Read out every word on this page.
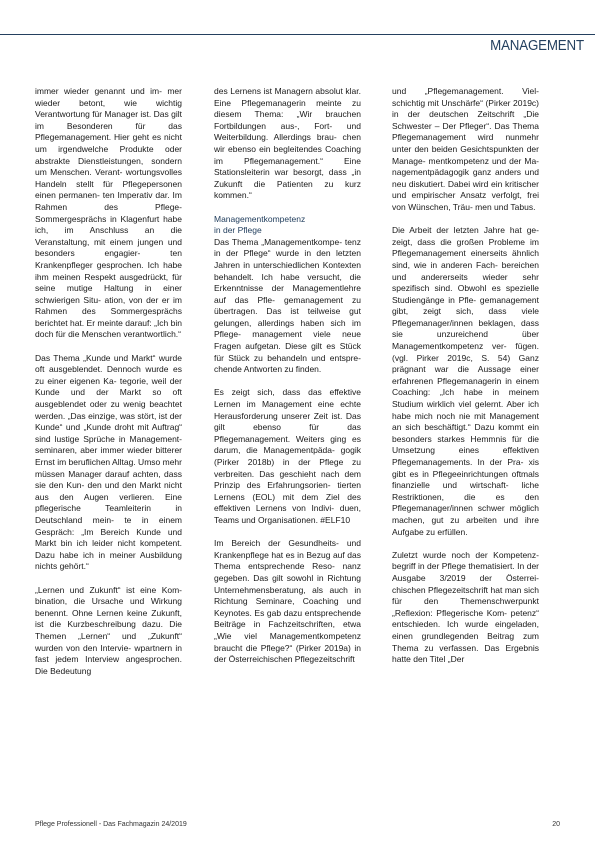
MANAGEMENT

immer wieder genannt und im- mer wieder betont, wie wichtig Verantwortung für Manager ist. Das gilt im Besonderen für das Pflegemanagement. Hier geht es nicht um irgendwelche Produkte oder abstrakte Dienstleistungen, sondern um Menschen. Verant- wortungsvolles Handeln stellt für Pflegepersonen einen permanen- ten Imperativ dar. Im Rahmen des Pflege-Sommergesprächs in Klagenfurt habe ich, im Anschluss an die Veranstaltung, mit einem jungen und besonders engagier- ten Krankenpfleger gesprochen. Ich habe ihm meinen Respekt ausgedrückt, für seine mutige Haltung in einer schwierigen Situ- ation, von der er im Rahmen des Sommergesprächs berichtet hat. Er meinte darauf: „Ich bin doch für die Menschen verantwortlich.“

Das Thema „Kunde und Markt“ wurde oft ausgeblendet. Dennoch wurde es zu einer eigenen Ka- tegorie, weil der Kunde und der Markt so oft ausgeblendet oder zu wenig beachtet werden. „Das einzige, was stört, ist der Kunde“ und „Kunde droht mit Auftrag“ sind lustige Sprüche in Management- seminaren, aber immer wieder bitterer Ernst im beruflichen Alltag. Umso mehr müssen Manager darauf achten, dass sie den Kun- den und den Markt nicht aus den Augen verlieren. Eine pflegerische Teamleiterin in Deutschland mein- te in einem Gespräch: „Im Bereich Kunde und Markt bin ich leider nicht kompetent. Dazu habe ich in meiner Ausbildung nichts gehört.“

„Lernen und Zukunft“ ist eine Kom- bination, die Ursache und Wirkung benennt. Ohne Lernen keine Zukunft, ist die Kurzbeschreibung dazu. Die Themen „Lernen“ und „Zukunft“ wurden von den Intervie- wpartnern in fast jedem Interview angesprochen. Die Bedeutung

des Lernens ist Managern absolut klar. Eine Pflegemanagerin meinte zu diesem Thema: „Wir brauchen Fortbildungen aus-, Fort- und Weiterbildung. Allerdings brau- chen wir ebenso ein begleitendes Coaching im Pflegemanagement.“ Eine Stationsleiterin war besorgt, dass „in Zukunft die Patienten zu kurz kommen.“

Managementkompetenz
in der Pflege

Das Thema „Managementkompe- tenz in der Pflege“ wurde in den letzten Jahren in unterschiedlichen Kontexten behandelt. Ich habe versucht, die Erkenntnisse der Managementlehre auf das Pfle- gemanagement zu übertragen. Das ist teilweise gut gelungen, allerdings haben sich im Pflege- management viele neue Fragen aufgetan. Diese gilt es Stück für Stück zu behandeln und entspre- chende Antworten zu finden.

Es zeigt sich, dass das effektive Lernen im Management eine echte Herausforderung unserer Zeit ist. Das gilt ebenso für das Pflegemanagement. Weiters ging es darum, die Managementpäda- gogik (Pirker 2018b) in der Pflege zu verbreiten. Das geschieht nach dem Prinzip des Erfahrungsorien- tierten Lernens (EOL) mit dem Ziel des effektiven Lernens von Indivi- duen, Teams und Organisationen. #ELF10

Im Bereich der Gesundheits- und Krankenpflege hat es in Bezug auf das Thema entsprechende Reso- nanz gegeben. Das gilt sowohl in Richtung Unternehmensberatung, als auch in Richtung Seminare, Coaching und Keynotes. Es gab dazu entsprechende Beiträge in Fachzeitschriften, etwa „Wie viel Managementkompetenz braucht die Pflege?“ (Pirker 2019a) in der Österreichischen Pflegezeitschrift

und „Pflegemanagement. Viel- schichtig mit Unschärfe“ (Pirker 2019c) in der deutschen Zeitschrift „Die Schwester – Der Pfleger“. Das Thema Pflegemanagement wird nunmehr unter den beiden Gesichtspunkten der Manage- mentkompetenz und der Ma- nagementpädagogik ganz anders und neu diskutiert. Dabei wird ein kritischer und empirischer Ansatz verfolgt, frei von Wünschen, Träu- men und Tabus.

Die Arbeit der letzten Jahre hat ge- zeigt, dass die großen Probleme im Pflegemanagement einerseits ähnlich sind, wie in anderen Fach- bereichen und andererseits wieder sehr spezifisch sind. Obwohl es spezielle Studiengänge in Pfle- gemanagement gibt, zeigt sich, dass viele Pflegemanager/innen beklagen, dass sie unzureichend über Managementkompetenz ver- fügen. (vgl. Pirker 2019c, S. 54) Ganz prägnant war die Aussage einer erfahrenen Pflegemanagerin in einem Coaching: „Ich habe in meinem Studium wirklich viel gelernt. Aber ich habe mich noch nie mit Management an sich beschäftigt.“ Dazu kommt ein besonders starkes Hemmnis für die Umsetzung eines effektiven Pflegemanagements. In der Pra- xis gibt es in Pflegeeinrichtungen oftmals finanzielle und wirtschaft- liche Restriktionen, die es den Pflegemanager/innen schwer möglich machen, gut zu arbeiten und ihre Aufgabe zu erfüllen.

Zuletzt wurde noch der Kompetenz- begriff in der Pflege thematisiert. In der Ausgabe 3/2019 der Österrei- chischen Pflegezeitschrift hat man sich für den Themenschwerpunkt „Reflexion: Pflegerische Kom- petenz“ entschieden. Ich wurde eingeladen, einen grundlegenden Beitrag zum Thema zu verfassen. Das Ergebnis hatte den Titel „Der

Pflege Professionell - Das Fachmagazin 24/2019	20
